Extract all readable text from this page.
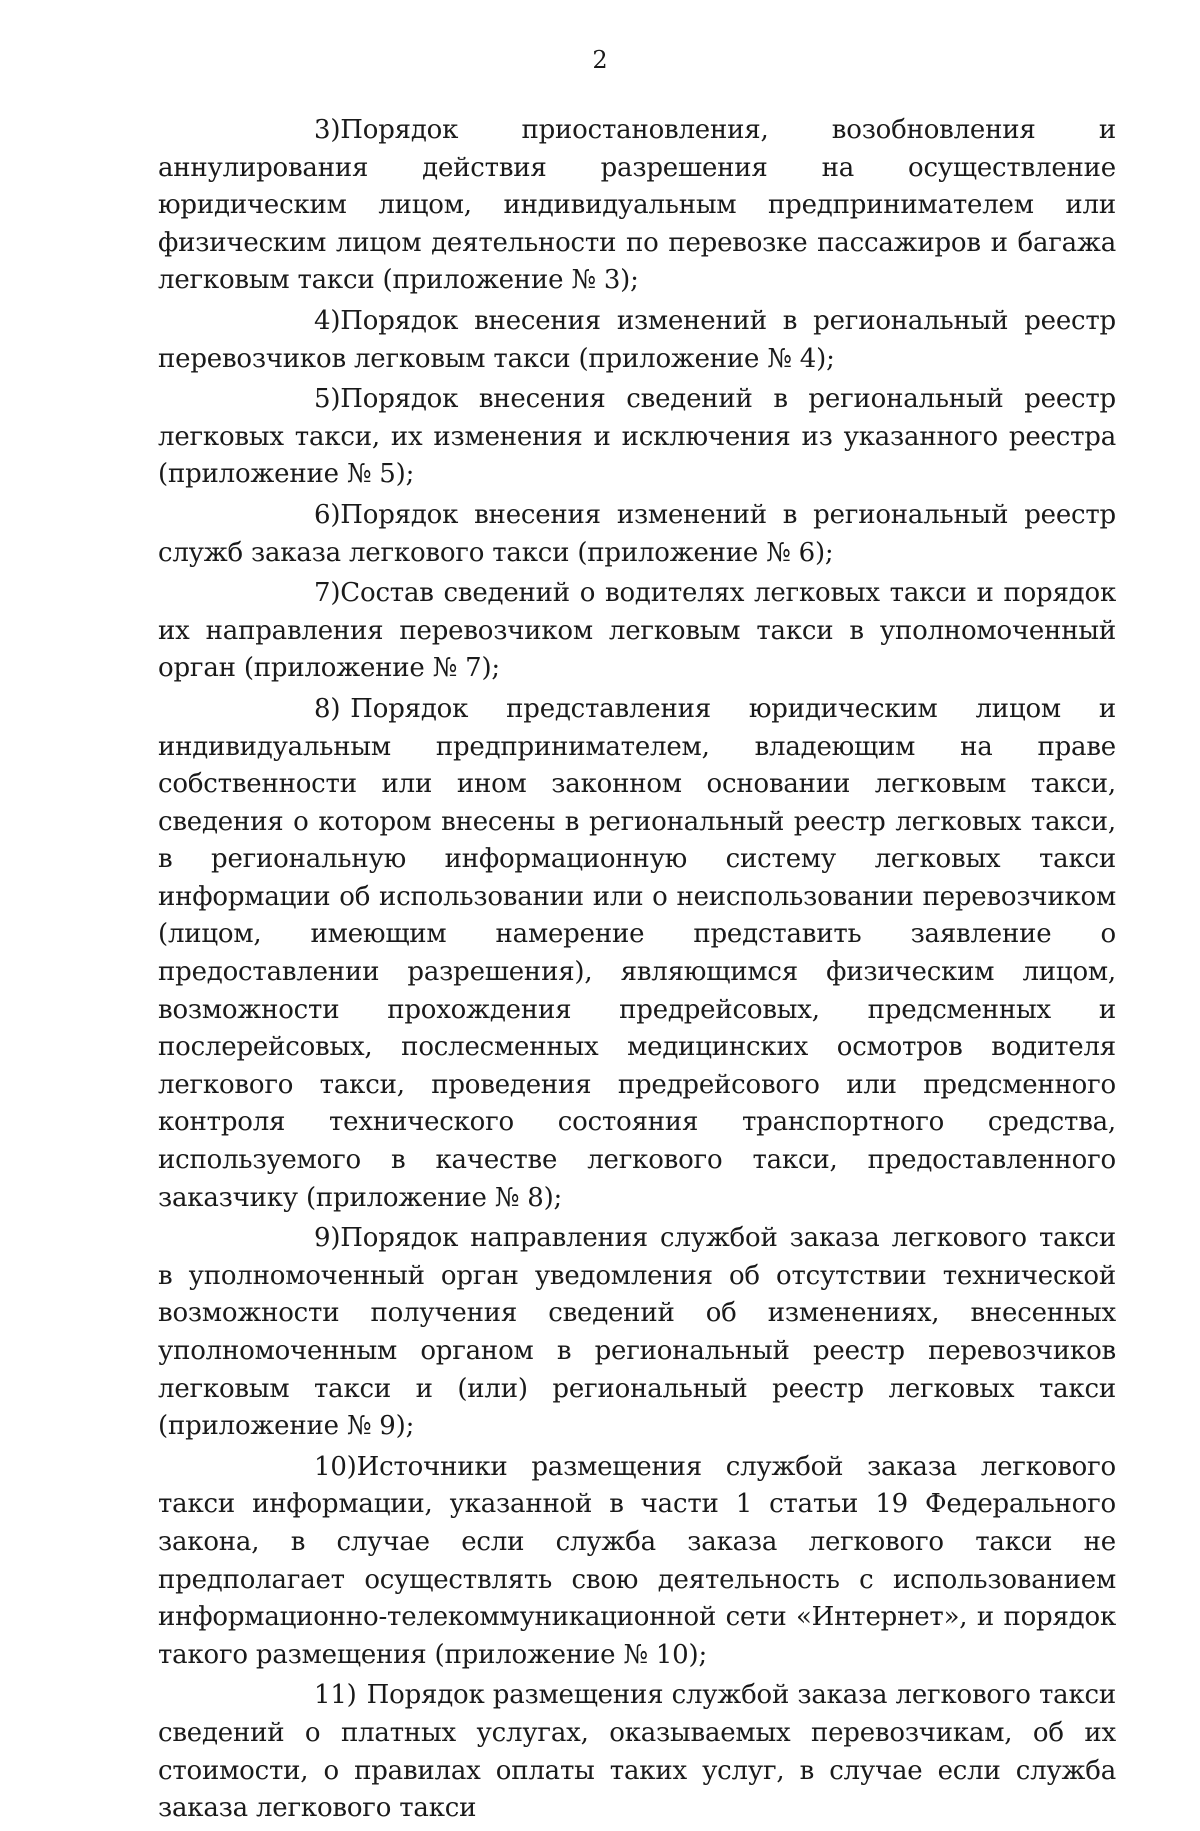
2

3)Порядок приостановления, возобновления и аннулирования действия разрешения на осуществление юридическим лицом, индивидуальным предпринимателем или физическим лицом деятельности по перевозке пассажиров и багажа легковым такси (приложение № 3);

4)Порядок внесения изменений в региональный реестр перевозчиков легковым такси (приложение № 4);

5)Порядок внесения сведений в региональный реестр легковых такси, их изменения и исключения из указанного реестра (приложение № 5);

6)Порядок внесения изменений в региональный реестр служб заказа легкового такси (приложение № 6);

7)Состав сведений о водителях легковых такси и порядок их направления перевозчиком легковым такси в уполномоченный орган (приложение № 7);

8) Порядок представления юридическим лицом и индивидуальным предпринимателем, владеющим на праве собственности или ином законном основании легковым такси, сведения о котором внесены в региональный реестр легковых такси, в региональную информационную систему легковых такси информации об использовании или о неиспользовании перевозчиком (лицом, имеющим намерение представить заявление о предоставлении разрешения), являющимся физическим лицом, возможности прохождения предрейсовых, предсменных и послерейсовых, послесменных медицинских осмотров водителя легкового такси, проведения предрейсового или предсменного контроля технического состояния транспортного средства, используемого в качестве легкового такси, предоставленного заказчику (приложение № 8);

9)Порядок направления службой заказа легкового такси в уполномоченный орган уведомления об отсутствии технической возможности получения сведений об изменениях, внесенных уполномоченным органом в региональный реестр перевозчиков легковым такси и (или) региональный реестр легковых такси (приложение № 9);

10)Источники размещения службой заказа легкового такси информации, указанной в части 1 статьи 19 Федерального закона, в случае если служба заказа легкового такси не предполагает осуществлять свою деятельность с использованием информационно-телекоммуникационной сети «Интернет», и порядок такого размещения (приложение № 10);

11) Порядок размещения службой заказа легкового такси сведений о платных услугах, оказываемых перевозчикам, об их стоимости, о правилах оплаты таких услуг, в случае если служба заказа легкового такси
